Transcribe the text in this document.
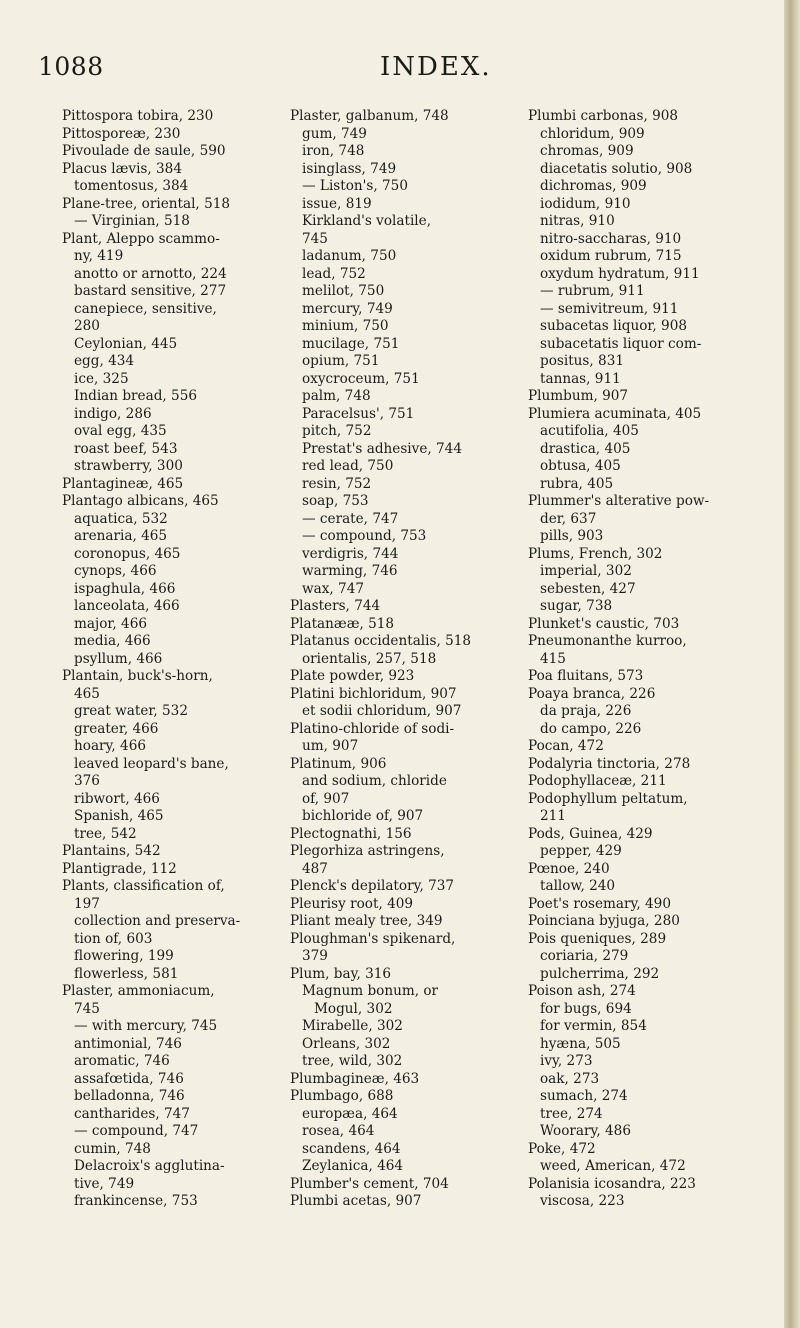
1088	INDEX.
Pittospora tobira, 230
Pittosporeæ, 230
Pivoulade de saule, 590
Placus lævis, 384
tomentosus, 384
Plane-tree, oriental, 518
— Virginian, 518
Plant, Aleppo scammo-
ny, 419
anotto or arnotto, 224
bastard sensitive, 277
canepiece, sensitive,
280
Ceylonian, 445
egg, 434
ice, 325
Indian bread, 556
indigo, 286
oval egg, 435
roast beef, 543
strawberry, 300
Plantagineæ, 465
Plantago albicans, 465
aquatica, 532
arenaria, 465
coronopus, 465
cynops, 466
ispaghula, 466
lanceolata, 466
major, 466
media, 466
psyllum, 466
Plantain, buck's-horn,
465
great water, 532
greater, 466
hoary, 466
leaved leopard's bane,
376
ribwort, 466
Spanish, 465
tree, 542
Plantains, 542
Plantigrade, 112
Plants, classification of,
197
collection and preserva-
tion of, 603
flowering, 199
flowerless, 581
Plaster, ammoniacum,
745
— with mercury, 745
antimonial, 746
aromatic, 746
assafœtida, 746
belladonna, 746
cantharides, 747
— compound, 747
cumin, 748
Delacroix's agglutina-
tive, 749
frankincense, 753
Plaster, galbanum, 748
gum, 749
iron, 748
isinglass, 749
— Liston's, 750
issue, 819
Kirkland's volatile,
745
ladanum, 750
lead, 752
melilot, 750
mercury, 749
minium, 750
mucilage, 751
opium, 751
oxycroceum, 751
palm, 748
Paracelsus', 751
pitch, 752
Prestat's adhesive, 744
red lead, 750
resin, 752
soap, 753
— cerate, 747
— compound, 753
verdigris, 744
warming, 746
wax, 747
Plasters, 744
Platanææ, 518
Platanus occidentalis, 518
orientalis, 257, 518
Plate powder, 923
Platini bichloridum, 907
et sodii chloridum, 907
Platino-chloride of sodi-
um, 907
Platinum, 906
and sodium, chloride
of, 907
bichloride of, 907
Plectognathi, 156
Plegorhiza astringens,
487
Plenck's depilatory, 737
Pleurisy root, 409
Pliant mealy tree, 349
Ploughman's spikenard,
379
Plum, bay, 316
Magnum bonum, or
Mogul, 302
Mirabelle, 302
Orleans, 302
tree, wild, 302
Plumbagineæ, 463
Plumbago, 688
europæa, 464
rosea, 464
scandens, 464
Zeylanica, 464
Plumber's cement, 704
Plumbi acetas, 907
Plumbi carbonas, 908
chloridum, 909
chromas, 909
diacetatis solutio, 908
dichromas, 909
iodidum, 910
nitras, 910
nitro-saccharas, 910
oxidum rubrum, 715
oxydum hydratum, 911
— rubrum, 911
— semivitreum, 911
subacetas liquor, 908
subacetatis liquor com-
positus, 831
tannas, 911
Plumbum, 907
Plumiera acuminata, 405
acutifolia, 405
drastica, 405
obtusa, 405
rubra, 405
Plummer's alterative pow-
der, 637
pills, 903
Plums, French, 302
imperial, 302
sebesten, 427
sugar, 738
Plunket's caustic, 703
Pneumonanthe kurroo,
415
Poa fluitans, 573
Poaya branca, 226
da praja, 226
do campo, 226
Pocan, 472
Podalyria tinctoria, 278
Podophyllaceæ, 211
Podophyllum peltatum,
211
Pods, Guinea, 429
pepper, 429
Pœnoe, 240
tallow, 240
Poet's rosemary, 490
Poinciana byjuga, 280
Pois queniques, 289
coriaria, 279
pulcherrima, 292
Poison ash, 274
for bugs, 694
for vermin, 854
hyæna, 505
ivy, 273
oak, 273
sumach, 274
tree, 274
Woorary, 486
Poke, 472
weed, American, 472
Polanisia icosandra, 223
viscosa, 223
